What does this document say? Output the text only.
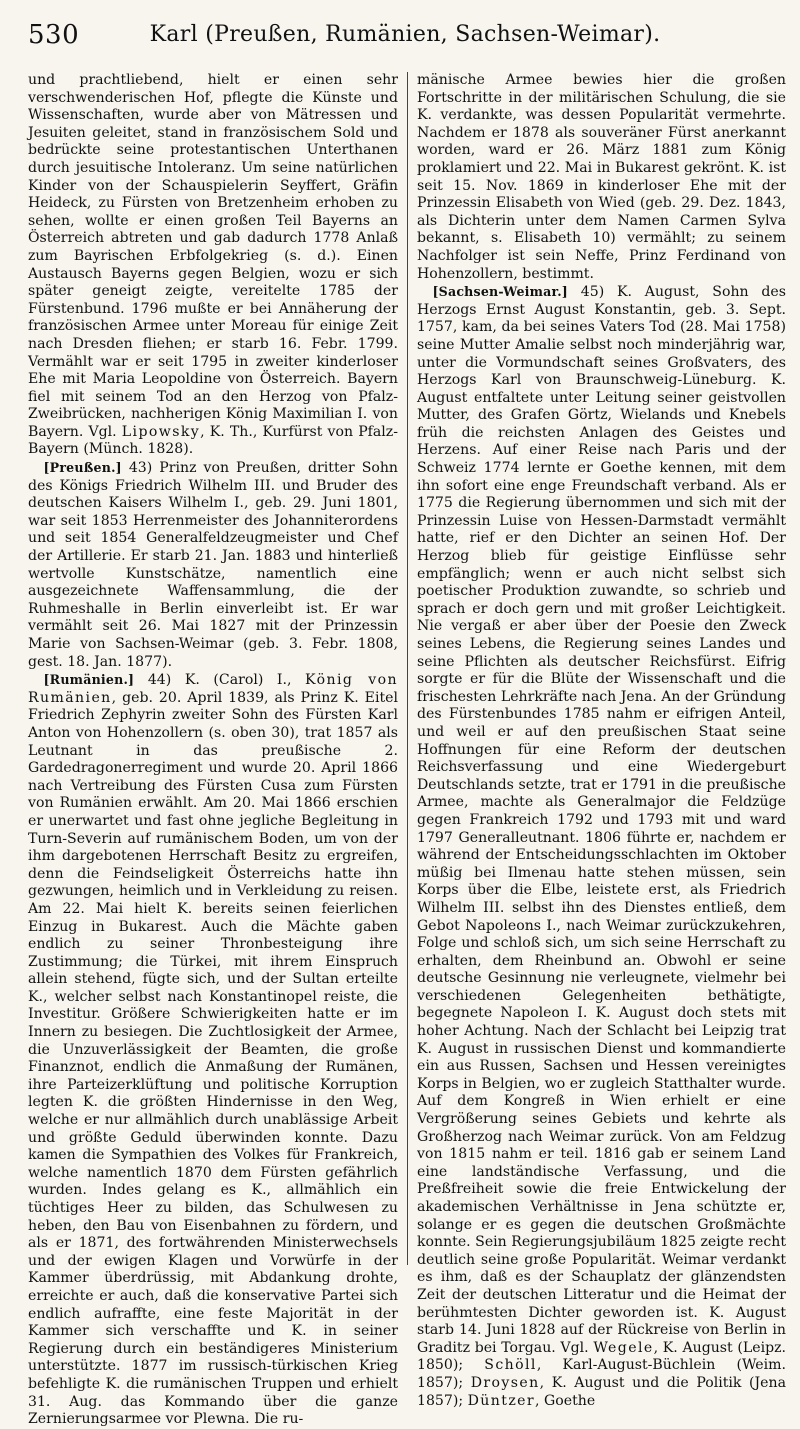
530	Karl (Preußen, Rumänien, Sachsen-Weimar).

und prachtliebend, hielt er einen sehr verschwenderischen Hof, pflegte die Künste und Wissenschaften, wurde aber von Mätressen und Jesuiten geleitet, stand in französischem Sold und bedrückte seine protestantischen Unterthanen durch jesuitische Intoleranz. Um seine natürlichen Kinder von der Schauspielerin Seyffert, Gräfin Heideck, zu Fürsten von Bretzenheim erhoben zu sehen, wollte er einen großen Teil Bayerns an Österreich abtreten und gab dadurch 1778 Anlaß zum Bayrischen Erbfolgekrieg (s. d.). Einen Austausch Bayerns gegen Belgien, wozu er sich später geneigt zeigte, vereitelte 1785 der Fürstenbund. 1796 mußte er bei Annäherung der französischen Armee unter Moreau für einige Zeit nach Dresden fliehen; er starb 16. Febr. 1799. Vermählt war er seit 1795 in zweiter kinderloser Ehe mit Maria Leopoldine von Österreich. Bayern fiel mit seinem Tod an den Herzog von Pfalz-Zweibrücken, nachherigen König Maximilian I. von Bayern. Vgl. Lipowsky, K. Th., Kurfürst von Pfalz-Bayern (Münch. 1828).

[Preußen.] 43) Prinz von Preußen, dritter Sohn des Königs Friedrich Wilhelm III. und Bruder des deutschen Kaisers Wilhelm I., geb. 29. Juni 1801, war seit 1853 Herrenmeister des Johanniterordens und seit 1854 Generalfeldzeugmeister und Chef der Artillerie. Er starb 21. Jan. 1883 und hinterließ wertvolle Kunstschätze, namentlich eine ausgezeichnete Waffensammlung, die der Ruhmeshalle in Berlin einverleibt ist. Er war vermählt seit 26. Mai 1827 mit der Prinzessin Marie von Sachsen-Weimar (geb. 3. Febr. 1808, gest. 18. Jan. 1877).

[Rumänien.] 44) K. (Carol) I., König von Rumänien, geb. 20. April 1839, als Prinz K. Eitel Friedrich Zephyrin zweiter Sohn des Fürsten Karl Anton von Hohenzollern (s. oben 30), trat 1857 als Leutnant in das preußische 2. Gardedragonerregiment und wurde 20. April 1866 nach Vertreibung des Fürsten Cusa zum Fürsten von Rumänien erwählt. Am 20. Mai 1866 erschien er unerwartet und fast ohne jegliche Begleitung in Turn-Severin auf rumänischem Boden, um von der ihm dargebotenen Herrschaft Besitz zu ergreifen, denn die Feindseligkeit Österreichs hatte ihn gezwungen, heimlich und in Verkleidung zu reisen. Am 22. Mai hielt K. bereits seinen feierlichen Einzug in Bukarest. Auch die Mächte gaben endlich zu seiner Thronbesteigung ihre Zustimmung; die Türkei, mit ihrem Einspruch allein stehend, fügte sich, und der Sultan erteilte K., welcher selbst nach Konstantinopel reiste, die Investitur. Größere Schwierigkeiten hatte er im Innern zu besiegen. Die Zuchtlosigkeit der Armee, die Unzuverlässigkeit der Beamten, die große Finanznot, endlich die Anmaßung der Rumänen, ihre Parteizerklüftung und politische Korruption legten K. die größten Hindernisse in den Weg, welche er nur allmählich durch unablässige Arbeit und größte Geduld überwinden konnte. Dazu kamen die Sympathien des Volkes für Frankreich, welche namentlich 1870 dem Fürsten gefährlich wurden. Indes gelang es K., allmählich ein tüchtiges Heer zu bilden, das Schulwesen zu heben, den Bau von Eisenbahnen zu fördern, und als er 1871, des fortwährenden Ministerwechsels und der ewigen Klagen und Vorwürfe in der Kammer überdrüssig, mit Abdankung drohte, erreichte er auch, daß die konservative Partei sich endlich aufraffte, eine feste Majorität in der Kammer sich verschaffte und K. in seiner Regierung durch ein beständigeres Ministerium unterstützte. 1877 im russisch-türkischen Krieg befehligte K. die rumänischen Truppen und erhielt 31. Aug. das Kommando über die ganze Zernierungsarmee vor Plewna. Die ru-

mänische Armee bewies hier die großen Fortschritte in der militärischen Schulung, die sie K. verdankte, was dessen Popularität vermehrte. Nachdem er 1878 als souveräner Fürst anerkannt worden, ward er 26. März 1881 zum König proklamiert und 22. Mai in Bukarest gekrönt. K. ist seit 15. Nov. 1869 in kinderloser Ehe mit der Prinzessin Elisabeth von Wied (geb. 29. Dez. 1843, als Dichterin unter dem Namen Carmen Sylva bekannt, s. Elisabeth 10) vermählt; zu seinem Nachfolger ist sein Neffe, Prinz Ferdinand von Hohenzollern, bestimmt.

[Sachsen-Weimar.] 45) K. August, Sohn des Herzogs Ernst August Konstantin, geb. 3. Sept. 1757, kam, da bei seines Vaters Tod (28. Mai 1758) seine Mutter Amalie selbst noch minderjährig war, unter die Vormundschaft seines Großvaters, des Herzogs Karl von Braunschweig-Lüneburg. K. August entfaltete unter Leitung seiner geistvollen Mutter, des Grafen Görtz, Wielands und Knebels früh die reichsten Anlagen des Geistes und Herzens. Auf einer Reise nach Paris und der Schweiz 1774 lernte er Goethe kennen, mit dem ihn sofort eine enge Freundschaft verband. Als er 1775 die Regierung übernommen und sich mit der Prinzessin Luise von Hessen-Darmstadt vermählt hatte, rief er den Dichter an seinen Hof. Der Herzog blieb für geistige Einflüsse sehr empfänglich; wenn er auch nicht selbst sich poetischer Produktion zuwandte, so schrieb und sprach er doch gern und mit großer Leichtigkeit. Nie vergaß er aber über der Poesie den Zweck seines Lebens, die Regierung seines Landes und seine Pflichten als deutscher Reichsfürst. Eifrig sorgte er für die Blüte der Wissenschaft und die frischesten Lehrkräfte nach Jena. An der Gründung des Fürstenbundes 1785 nahm er eifrigen Anteil, und weil er auf den preußischen Staat seine Hoffnungen für eine Reform der deutschen Reichsverfassung und eine Wiedergeburt Deutschlands setzte, trat er 1791 in die preußische Armee, machte als Generalmajor die Feldzüge gegen Frankreich 1792 und 1793 mit und ward 1797 Generalleutnant. 1806 führte er, nachdem er während der Entscheidungsschlachten im Oktober müßig bei Ilmenau hatte stehen müssen, sein Korps über die Elbe, leistete erst, als Friedrich Wilhelm III. selbst ihn des Dienstes entließ, dem Gebot Napoleons I., nach Weimar zurückzukehren, Folge und schloß sich, um sich seine Herrschaft zu erhalten, dem Rheinbund an. Obwohl er seine deutsche Gesinnung nie verleugnete, vielmehr bei verschiedenen Gelegenheiten bethätigte, begegnete Napoleon I. K. August doch stets mit hoher Achtung. Nach der Schlacht bei Leipzig trat K. August in russischen Dienst und kommandierte ein aus Russen, Sachsen und Hessen vereinigtes Korps in Belgien, wo er zugleich Statthalter wurde. Auf dem Kongreß in Wien erhielt er eine Vergrößerung seines Gebiets und kehrte als Großherzog nach Weimar zurück. Von am Feldzug von 1815 nahm er teil. 1816 gab er seinem Land eine landständische Verfassung, und die Preßfreiheit sowie die freie Entwickelung der akademischen Verhältnisse in Jena schützte er, solange er es gegen die deutschen Großmächte konnte. Sein Regierungsjubiläum 1825 zeigte recht deutlich seine große Popularität. Weimar verdankt es ihm, daß es der Schauplatz der glänzendsten Zeit der deutschen Litteratur und die Heimat der berühmtesten Dichter geworden ist. K. August starb 14. Juni 1828 auf der Rückreise von Berlin in Graditz bei Torgau. Vgl. Wegele, K. August (Leipz. 1850); Schöll, Karl-August-Büchlein (Weim. 1857); Droysen, K. August und die Politik (Jena 1857); Düntzer, Goethe
